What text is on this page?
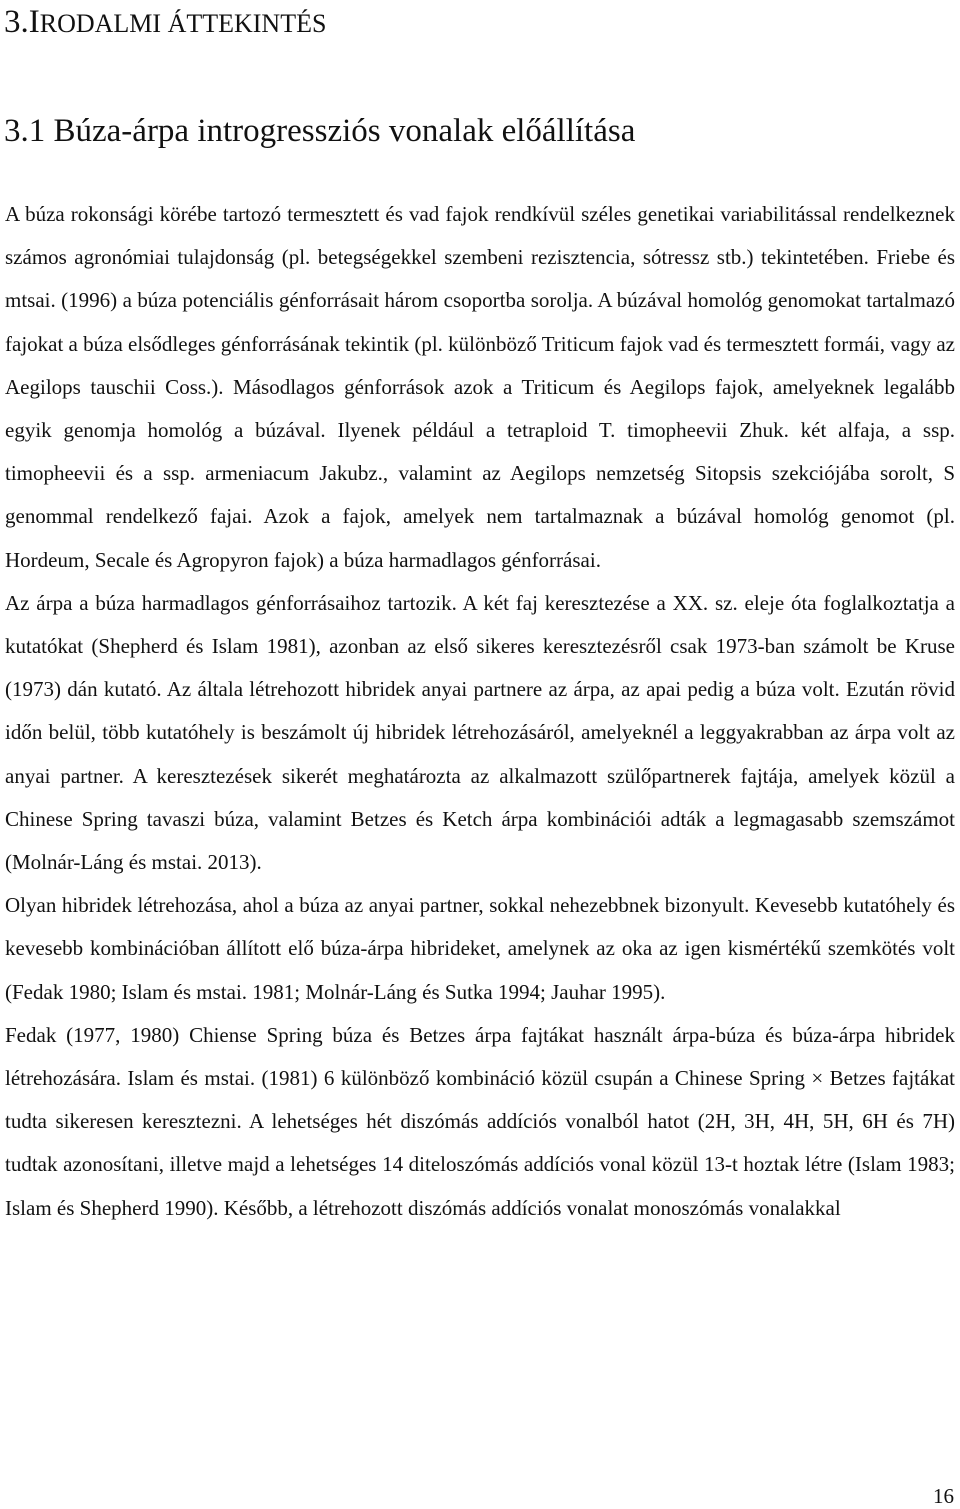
3.IRODALMI ÁTTEKINTÉS
3.1 Búza-árpa introgressziós vonalak előállítása

A búza rokonsági körébe tartozó termesztett és vad fajok rendkívül széles genetikai variabilitással rendelkeznek számos agronómiai tulajdonság (pl. betegségekkel szembeni rezisztencia, sótressz stb.) tekintetében. Friebe és mtsai. (1996) a búza potenciális génforrásait három csoportba sorolja. A búzával homológ genomokat tartalmazó fajokat a búza elsődleges génforrásának tekintik (pl. különböző Triticum fajok vad és termesztett formái, vagy az Aegilops tauschii Coss.). Másodlagos génforrások azok a Triticum és Aegilops fajok, amelyeknek legalább egyik genomja homológ a búzával. Ilyenek például a tetraploid T. timopheevii Zhuk. két alfaja, a ssp. timopheevii és a ssp. armeniacum Jakubz., valamint az Aegilops nemzetség Sitopsis szekciójába sorolt, S genommal rendelkező fajai. Azok a fajok, amelyek nem tartalmaznak a búzával homológ genomot (pl. Hordeum, Secale és Agropyron fajok) a búza harmadlagos génforrásai.

Az árpa a búza harmadlagos génforrásaihoz tartozik. A két faj keresztezése a XX. sz. eleje óta foglalkoztatja a kutatókat (Shepherd és Islam 1981), azonban az első sikeres keresztezésről csak 1973-ban számolt be Kruse (1973) dán kutató. Az általa létrehozott hibridek anyai partnere az árpa, az apai pedig a búza volt. Ezután rövid időn belül, több kutatóhely is beszámolt új hibridek létrehozásáról, amelyeknél a leggyakrabban az árpa volt az anyai partner. A keresztezések sikerét meghatározta az alkalmazott szülőpartnerek fajtája, amelyek közül a Chinese Spring tavaszi búza, valamint Betzes és Ketch árpa kombinációi adták a legmagasabb szemszámot (Molnár-Láng és mstai. 2013).

Olyan hibridek létrehozása, ahol a búza az anyai partner, sokkal nehezebbnek bizonyult. Kevesebb kutatóhely és kevesebb kombinációban állított elő búza-árpa hibrideket, amelynek az oka az igen kismértékű szemkötés volt (Fedak 1980; Islam és mstai. 1981; Molnár-Láng és Sutka 1994; Jauhar 1995).

Fedak (1977, 1980) Chiense Spring búza és Betzes árpa fajtákat használt árpa-búza és búza-árpa hibridek létrehozására. Islam és mstai. (1981) 6 különböző kombináció közül csupán a Chinese Spring × Betzes fajtákat tudta sikeresen keresztezni. A lehetséges hét diszómás addíciós vonalból hatot (2H, 3H, 4H, 5H, 6H és 7H) tudtak azonosítani, illetve majd a lehetséges 14 diteloszómás addíciós vonal közül 13-t hoztak létre (Islam 1983; Islam és Shepherd 1990). Később, a létrehozott diszómás addíciós vonalat monoszómás vonalakkal

16
